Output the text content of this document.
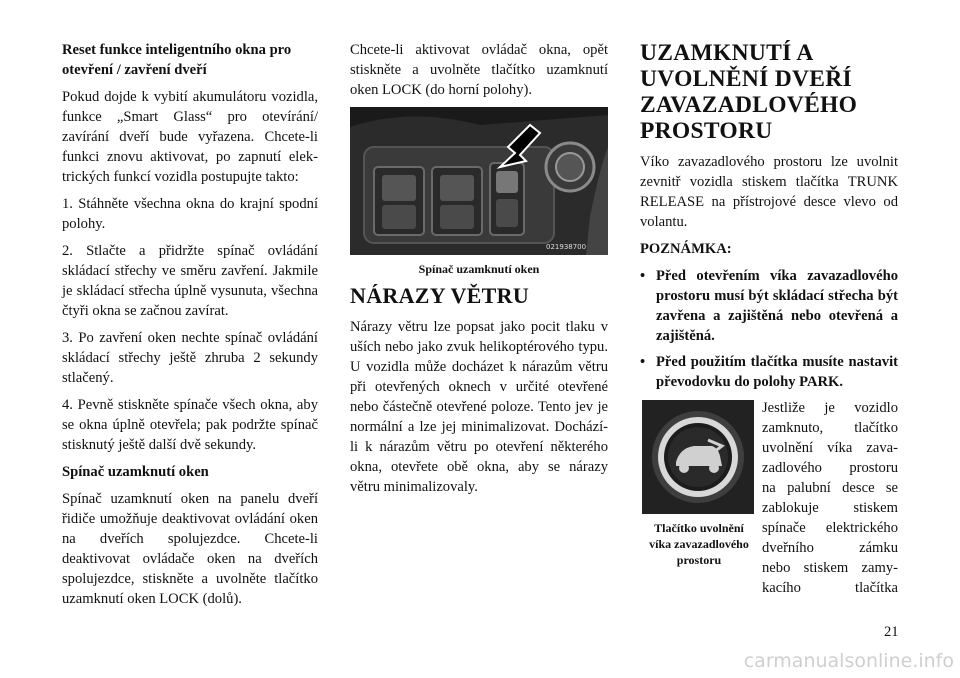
Reset funkce inteligentního okna pro otevření / zavření dveří

Pokud dojde k vybití akumulátoru vozidla, funkce „Smart Glass“ pro otevírání/ zavírání dveří bude vyřazena. Chcete-li funkci znovu aktivovat, po zapnutí elektrických funkcí vozidla postupujte takto:

1. Stáhněte všechna okna do krajní spodní polohy.

2. Stlačte a přidržte spínač ovládání skládací střechy ve směru zavření. Jakmile je skládací střecha úplně vysunuta, všechna čtyři okna se začnou zavírat.

3. Po zavření oken nechte spínač ovládání skládací střechy ještě zhruba 2 sekundy stlačený.

4. Pevně stiskněte spínače všech okna, aby se okna úplně otevřela; pak podržte spínač stisknutý ještě další dvě sekundy.

Spínač uzamknutí oken

Spínač uzamknutí oken na panelu dveří řidiče umožňuje deaktivovat ovládání oken na dveřích spolujezdce. Chcete-li deaktivovat ovládače oken na dveřích spolujezdce, stiskněte a uvolněte tlačítko uzamknutí oken LOCK (dolů).

Chcete-li aktivovat ovládač okna, opět stiskněte a uvolněte tlačítko uzamknutí oken LOCK (do horní polohy).

021938700
Spínač uzamknutí oken
NÁRAZY VĚTRU

Nárazy větru lze popsat jako pocit tlaku v uších nebo jako zvuk helikoptérového typu. U vozidla může docházet k nárazům větru při otevřených oknech v určité otevřené nebo částečně otevřené poloze. Tento jev je normální a lze jej minimalizovat. Dochází-li k nárazům větru po otevření některého okna, otevřete obě okna, aby se nárazy větru minimalizovaly.

UZAMKNUTÍ A
UVOLNĚNÍ DVEŘÍ
ZAVAZADLOVÉHO
PROSTORU

Víko zavazadlového prostoru lze uvolnit zevnitř vozidla stiskem tlačítka TRUNK RELEASE na přístrojové desce vlevo od volantu.

POZNÁMKA:
• Před otevřením víka zavazadlového prostoru musí být skládací střecha být zavřena a zajištěná nebo otevřená a zajištěná.
• Před použitím tlačítka musíte nastavit převodovku do polohy PARK.
Tlačítko uvolnění víka zavazadlového prostoru
Jestliže je vozidlo
zamknuto, tlačítko
uvolnění víka zava-
zadlového prostoru
na palubní desce se
zablokuje stiskem
spínače elektrického
dveřního zámku
nebo stiskem zamy-
kacího tlačítka
21
carmanualsonline.info
